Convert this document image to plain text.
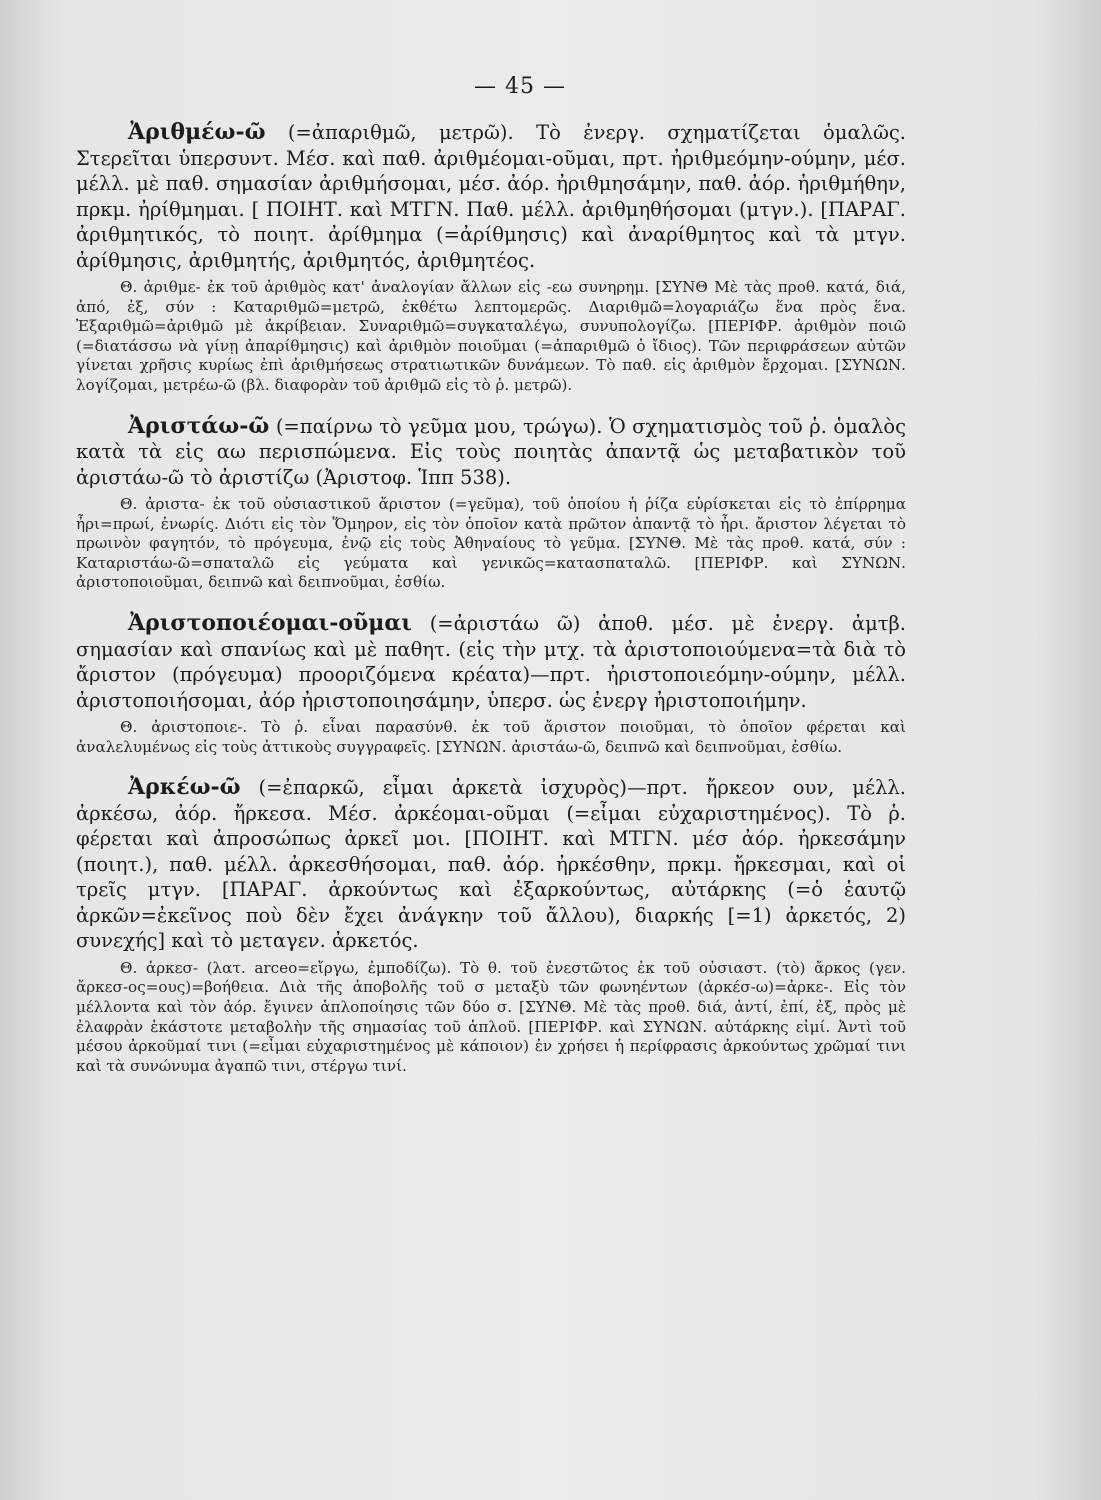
— 45 —

Ἀριθμέω-ῶ (=ἀπαριθμῶ, μετρῶ). Τὸ ἐνεργ. σχηματίζεται ὁμαλῶς. Στερεῖται ὑπερσυντ. Μέσ. καὶ παθ. ἀριθμέομαι-οῦμαι, πρτ. ἠριθμεόμην-ούμην, μέσ. μέλλ. μὲ παθ. σημασίαν ἀριθμήσομαι, μέσ. ἀόρ. ἠριθμησάμην, παθ. ἀόρ. ἠριθμήθην, πρκμ. ἠρίθμημαι. [ ΠΟΙΗΤ. καὶ ΜΤΓΝ. Παθ. μέλλ. ἀριθμηθήσομαι (μτγν.). [ΠΑΡΑΓ. ἀριθμητικός, τὸ ποιητ. ἀρίθμημα (=ἀρίθμησις) καὶ ἀναρίθμητος καὶ τὰ μτγν. ἀρίθμησις, ἀριθμητής, ἀριθμητός, ἀριθμητέος.

Θ. ἀριθμε- ἐκ τοῦ ἀριθμὸς κατ' ἀναλογίαν ἄλλων εἰς -εω συνηρημ. [ΣΥΝΘ Μὲ τὰς προθ. κατά, διά, ἀπό, ἐξ, σύν : Καταριθμῶ=μετρῶ, ἐκθέτω λεπτομερῶς. Διαριθμῶ=λογαριάζω ἕνα πρὸς ἕνα. Ἐξαριθμῶ=ἀριθμῶ μὲ ἀκρίβειαν. Συναριθμῶ=συγκαταλέγω, συνυπολογίζω. [ΠΕΡΙΦΡ. ἀριθμὸν ποιῶ (=διατάσσω νὰ γίνῃ ἀπαρίθμησις) καὶ ἀριθμὸν ποιοῦμαι (=ἀπαριθμῶ ὁ ἴδιος). Τῶν περιφράσεων αὐτῶν γίνεται χρῆσις κυρίως ἐπὶ ἀριθμήσεως στρατιωτικῶν δυνάμεων. Τὸ παθ. εἰς ἀριθμὸν ἔρχομαι. [ΣΥΝΩΝ. λογίζομαι, μετρέω-ῶ (βλ. διαφορὰν τοῦ ἀριθμῶ εἰς τὸ ῥ. μετρῶ).

Ἀριστάω-ῶ (=παίρνω τὸ γεῦμα μου, τρώγω). Ὁ σχηματισμὸς τοῦ ῥ. ὁμαλὸς κατὰ τὰ εἰς αω περισπώμενα. Εἰς τοὺς ποιητὰς ἀπαντᾷ ὡς μεταβατικὸν τοῦ ἀριστάω-ῶ τὸ ἀριστίζω (Ἀριστοφ. Ἱππ 538).

Θ. ἀριστα- ἐκ τοῦ οὐσιαστικοῦ ἄριστον (=γεῦμα), τοῦ ὁποίου ἡ ῥίζα εὑρίσκεται εἰς τὸ ἐπίρρημα ἦρι=πρωί, ἐνωρίς. Διότι εἰς τὸν Ὅμηρον, εἰς τὸν ὁποῖον κατὰ πρῶτον ἀπαντᾷ τὸ ἦρι. ἄριστον λέγεται τὸ πρωινὸν φαγητόν, τὸ πρόγευμα, ἐνῷ εἰς τοὺς Ἀθηναίους τὸ γεῦμα. [ΣΥΝΘ. Μὲ τὰς προθ. κατά, σύν : Καταριστάω-ῶ=σπαταλῶ εἰς γεύματα καὶ γενικῶς=κατασπαταλῶ. [ΠΕΡΙΦΡ. καὶ ΣΥΝΩΝ. ἀριστοποιοῦμαι, δειπνῶ καὶ δειπνοῦμαι, ἐσθίω.

Ἀριστοποιέομαι-οῦμαι (=ἀριστάω ῶ) ἀποθ. μέσ. μὲ ἐνεργ. ἀμτβ. σημασίαν καὶ σπανίως καὶ μὲ παθητ. (εἰς τὴν μτχ. τὰ ἀριστοποιούμενα=τὰ διὰ τὸ ἄριστον (πρόγευμα) προοριζόμενα κρέατα)—πρτ. ἠριστοποιεόμην-ούμην, μέλλ. ἀριστοποιήσομαι, ἀόρ ἠριστοποιησάμην, ὑπερσ. ὡς ἐνεργ ἠριστοποιήμην.

Θ. ἀριστοποιε-. Τὸ ῥ. εἶναι παρασύνθ. ἐκ τοῦ ἄριστον ποιοῦμαι, τὸ ὁποῖον φέρεται καὶ ἀναλελυμένως εἰς τοὺς ἀττικοὺς συγγραφεῖς. [ΣΥΝΩΝ. ἀριστάω-ῶ, δειπνῶ καὶ δειπνοῦμαι, ἐσθίω.

Ἀρκέω-ῶ (=ἐπαρκῶ, εἶμαι ἀρκετὰ ἰσχυρὸς)—πρτ. ἤρκεον ουν, μέλλ. ἀρκέσω, ἀόρ. ἤρκεσα. Μέσ. ἀρκέομαι-οῦμαι (=εἶμαι εὐχαριστημένος). Τὸ ῥ. φέρεται καὶ ἀπροσώπως ἀρκεῖ μοι. [ΠΟΙΗΤ. καὶ ΜΤΓΝ. μέσ ἀόρ. ἠρκεσάμην (ποιητ.), παθ. μέλλ. ἀρκεσθήσομαι, παθ. ἀόρ. ἠρκέσθην, πρκμ. ἤρκεσμαι, καὶ οἱ τρεῖς μτγν. [ΠΑΡΑΓ. ἀρκούντως καὶ ἐξαρκούντως, αὐτάρκης (=ὁ ἑαυτῷ ἀρκῶν=ἐκεῖνος ποὺ δὲν ἔχει ἀνάγκην τοῦ ἄλλου), διαρκής [=1) ἀρκετός, 2) συνεχής] καὶ τὸ μεταγεν. ἀρκετός.

Θ. ἀρκεσ- (λατ. arceo=εἴργω, ἐμποδίζω). Τὸ θ. τοῦ ἐνεστῶτος ἐκ τοῦ οὐσιαστ. (τὸ) ἄρκος (γεν. ἄρκεσ-ος=ους)=βοήθεια. Διὰ τῆς ἀποβολῆς τοῦ σ μεταξὺ τῶν φωνηέντων (ἀρκέσ-ω)=ἀρκε-. Εἰς τὸν μέλλοντα καὶ τὸν ἀόρ. ἔγινεν ἁπλοποίησις τῶν δύο σ. [ΣΥΝΘ. Μὲ τὰς προθ. διά, ἀντί, ἐπί, ἐξ, πρὸς μὲ ἐλαφρὰν ἑκάστοτε μεταβολὴν τῆς σημασίας τοῦ ἁπλοῦ. [ΠΕΡΙΦΡ. καὶ ΣΥΝΩΝ. αὐτάρκης εἰμί. Ἀντὶ τοῦ μέσου ἀρκοῦμαί τινι (=εἶμαι εὐχαριστημένος μὲ κάποιον) ἐν χρήσει ἡ περίφρασις ἀρκούντως χρῶμαί τινι καὶ τὰ συνώνυμα ἀγαπῶ τινι, στέργω τινί.
